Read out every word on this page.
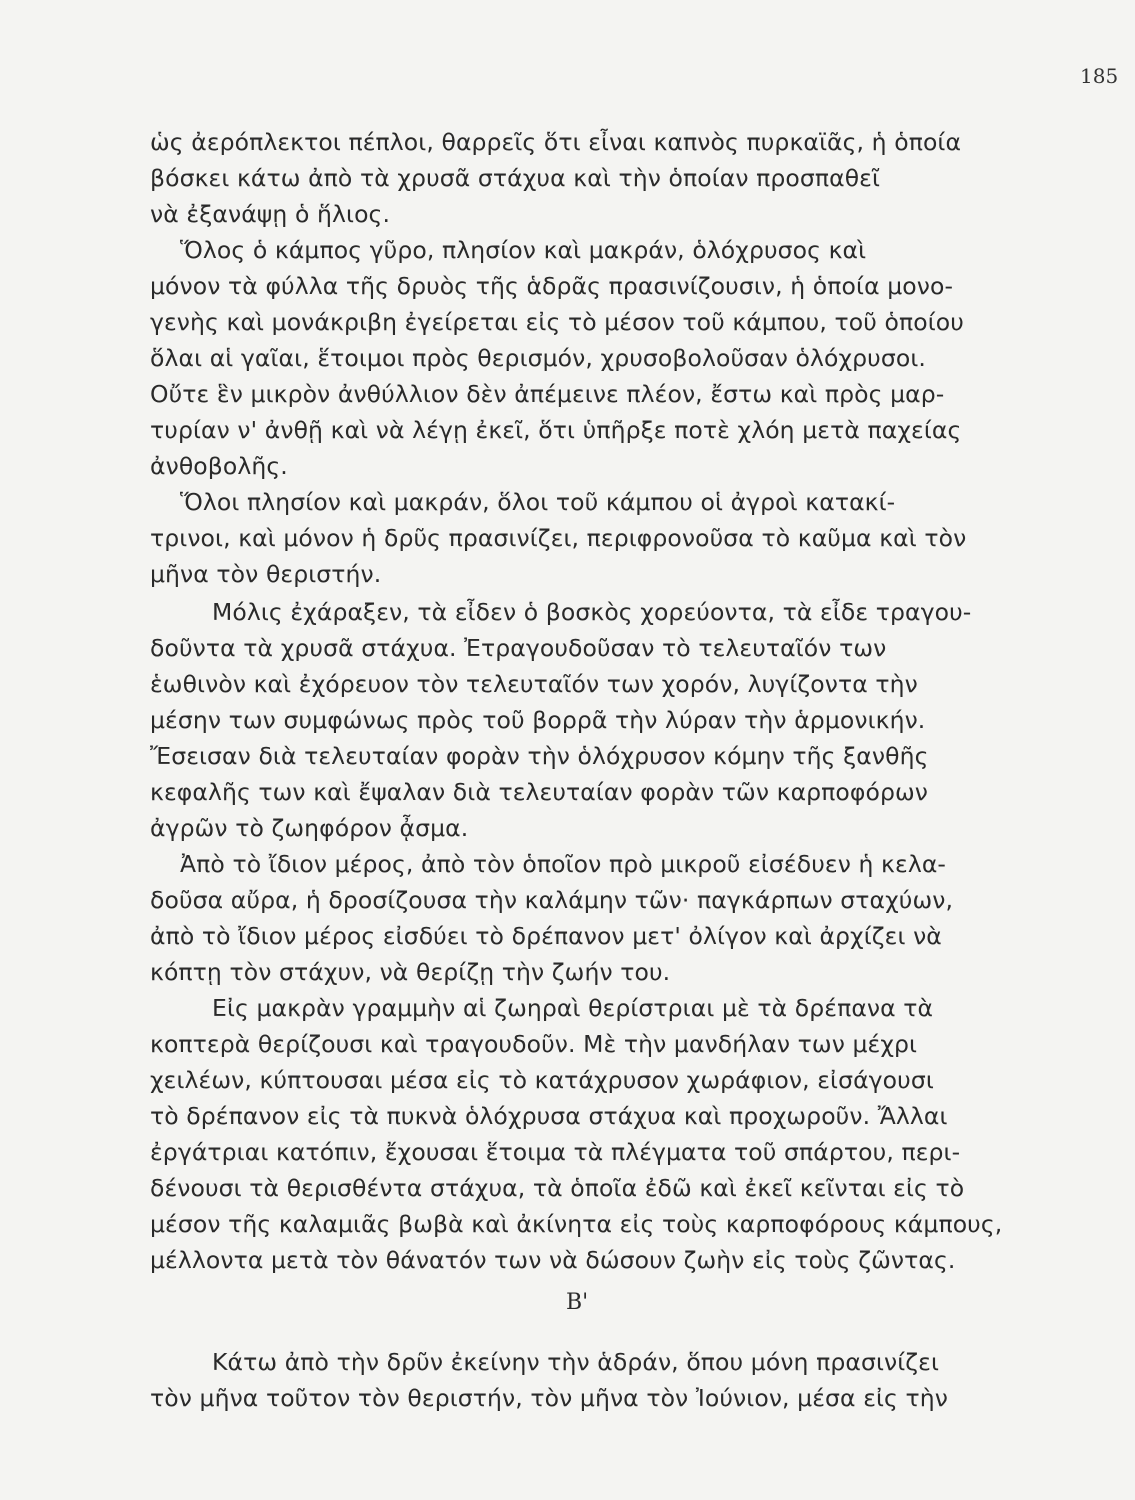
185
ὡς ἀερόπλεκτοι πέπλοι, θαρρεῖς ὅτι εἶναι καπνὸς πυρκαϊᾶς, ἡ ὁποία
βόσκει κάτω ἀπὸ τὰ χρυσᾶ στάχυα καὶ τὴν ὁποίαν προσπαθεῖ
νὰ ἐξανάψῃ ὁ ἥλιος.
Ὅλος ὁ κάμπος γῦρο, πλησίον καὶ μακράν, ὁλόχρυσος καὶ
μόνον τὰ φύλλα τῆς δρυὸς τῆς ἁδρᾶς πρασινίζουσιν, ἡ ὁποία μονο-
γενὴς καὶ μονάκριβη ἐγείρεται εἰς τὸ μέσον τοῦ κάμπου, τοῦ ὁποίου
ὅλαι αἱ γαῖαι, ἕτοιμοι πρὸς θερισμόν, χρυσοβολοῦσαν ὁλόχρυσοι.
Οὔτε ἓν μικρὸν ἀνθύλλιον δὲν ἀπέμεινε πλέον, ἔστω καὶ πρὸς μαρ-
τυρίαν ν' ἀνθῇ καὶ νὰ λέγῃ ἐκεῖ, ὅτι ὑπῆρξε ποτὲ χλόη μετὰ παχείας
ἀνθοβολῆς.
Ὅλοι πλησίον καὶ μακράν, ὅλοι τοῦ κάμπου οἱ ἀγροὶ κατακί-
τρινοι, καὶ μόνον ἡ δρῦς πρασινίζει, περιφρονοῦσα τὸ καῦμα καὶ τὸν
μῆνα τὸν θεριστήν.
Μόλις ἐχάραξεν, τὰ εἶδεν ὁ βοσκὸς χορεύοντα, τὰ εἶδε τραγου-
δοῦντα τὰ χρυσᾶ στάχυα. Ἐτραγουδοῦσαν τὸ τελευταῖόν των
ἑωθινὸν καὶ ἐχόρευον τὸν τελευταῖόν των χορόν, λυγίζοντα τὴν
μέσην των συμφώνως πρὸς τοῦ βορρᾶ τὴν λύραν τὴν ἁρμονικήν.
Ἔσεισαν διὰ τελευταίαν φορὰν τὴν ὁλόχρυσον κόμην τῆς ξανθῆς
κεφαλῆς των καὶ ἔψαλαν διὰ τελευταίαν φορὰν τῶν καρποφόρων
ἀγρῶν τὸ ζωηφόρον ᾆσμα.
Ἀπὸ τὸ ἴδιον μέρος, ἀπὸ τὸν ὁποῖον πρὸ μικροῦ εἰσέδυεν ἡ κελα-
δοῦσα αὔρα, ἡ δροσίζουσα τὴν καλάμην τῶν· παγκάρπων σταχύων,
ἀπὸ τὸ ἴδιον μέρος εἰσδύει τὸ δρέπανον μετ' ὀλίγον καὶ ἀρχίζει νὰ
κόπτῃ τὸν στάχυν, νὰ θερίζῃ τὴν ζωήν του.
Εἰς μακρὰν γραμμὴν αἱ ζωηραὶ θερίστριαι μὲ τὰ δρέπανα τὰ
κοπτερὰ θερίζουσι καὶ τραγουδοῦν. Μὲ τὴν μανδήλαν των μέχρι
χειλέων, κύπτουσαι μέσα εἰς τὸ κατάχρυσον χωράφιον, εἰσάγουσι
τὸ δρέπανον εἰς τὰ πυκνὰ ὁλόχρυσα στάχυα καὶ προχωροῦν. Ἄλλαι
ἐργάτριαι κατόπιν, ἔχουσαι ἕτοιμα τὰ πλέγματα τοῦ σπάρτου, περι-
δένουσι τὰ θερισθέντα στάχυα, τὰ ὁποῖα ἐδῶ καὶ ἐκεῖ κεῖνται εἰς τὸ
μέσον τῆς καλαμιᾶς βωβὰ καὶ ἀκίνητα εἰς τοὺς καρποφόρους κάμπους,
μέλλοντα μετὰ τὸν θάνατόν των νὰ δώσουν ζωὴν εἰς τοὺς ζῶντας.
Β'
Κάτω ἀπὸ τὴν δρῦν ἐκείνην τὴν ἁδράν, ὅπου μόνη πρασινίζει
τὸν μῆνα τοῦτον τὸν θεριστήν, τὸν μῆνα τὸν Ἰούνιον, μέσα εἰς τὴν
